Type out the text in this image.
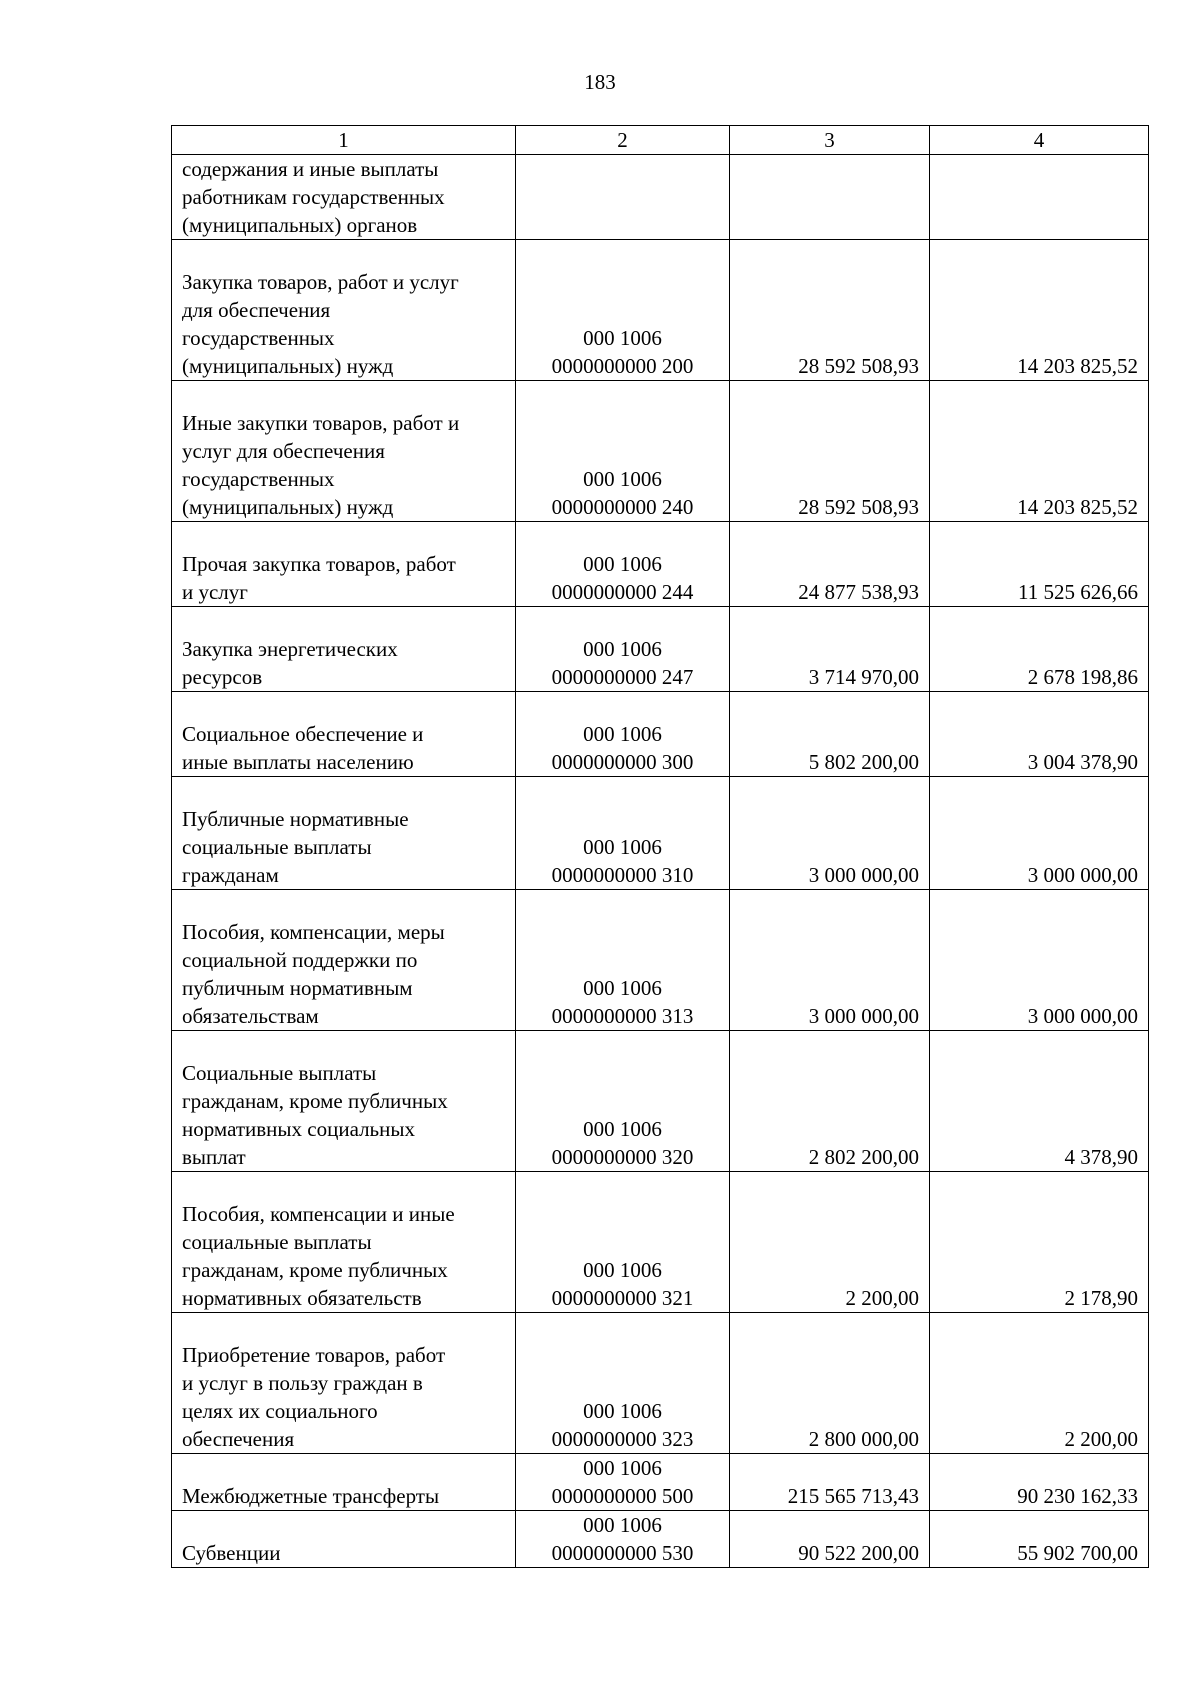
183
1	2	3	4

содержания и иные выплаты
работникам государственных
(муниципальных) органов			

Закупка товаров, работ и услуг
для обеспечения
государственных
(муниципальных) нужд	000 1006
0000000000 200	28 592 508,93	14 203 825,52

Иные закупки товаров, работ и
услуг для обеспечения
государственных
(муниципальных) нужд	000 1006
0000000000 240	28 592 508,93	14 203 825,52

Прочая закупка товаров, работ
и услуг	000 1006
0000000000 244	24 877 538,93	11 525 626,66

Закупка энергетических
ресурсов	000 1006
0000000000 247	3 714 970,00	2 678 198,86

Социальное обеспечение и
иные выплаты населению	000 1006
0000000000 300	5 802 200,00	3 004 378,90

Публичные нормативные
социальные выплаты
гражданам	000 1006
0000000000 310	3 000 000,00	3 000 000,00

Пособия, компенсации, меры
социальной поддержки по
публичным нормативным
обязательствам	000 1006
0000000000 313	3 000 000,00	3 000 000,00

Социальные выплаты
гражданам, кроме публичных
нормативных социальных
выплат	000 1006
0000000000 320	2 802 200,00	4 378,90

Пособия, компенсации и иные
социальные выплаты
гражданам, кроме публичных
нормативных обязательств	000 1006
0000000000 321	2 200,00	2 178,90

Приобретение товаров, работ
и услуг в пользу граждан в
целях их социального
обеспечения	000 1006
0000000000 323	2 800 000,00	2 200,00

Межбюджетные трансферты	000 1006
0000000000 500	215 565 713,43	90 230 162,33

Субвенции	000 1006
0000000000 530	90 522 200,00	55 902 700,00
